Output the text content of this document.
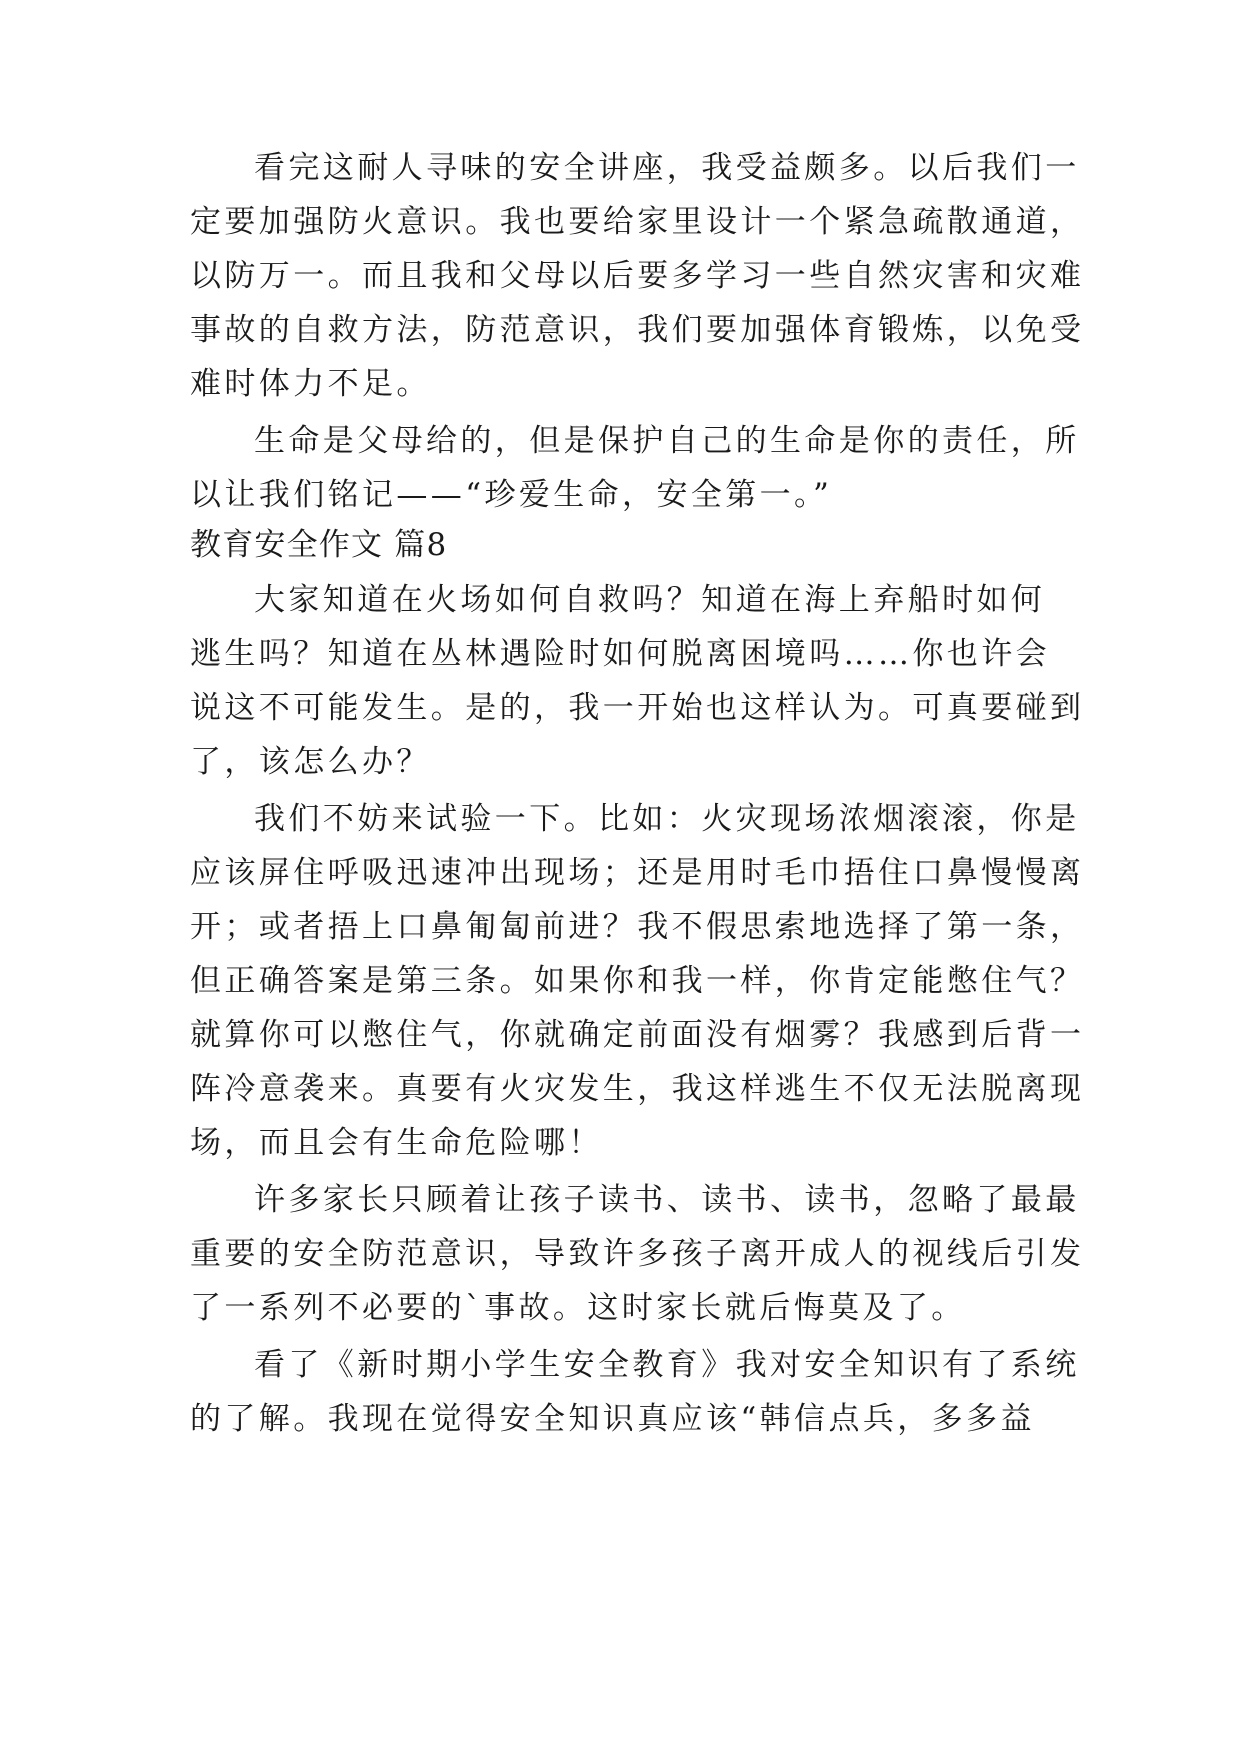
看完这耐人寻味的安全讲座，我受益颇多。以后我们一
定要加强防火意识。我也要给家里设计一个紧急疏散通道，
以防万一。而且我和父母以后要多学习一些自然灾害和灾难
事故的自救方法，防范意识，我们要加强体育锻炼，以免受
难时体力不足。
生命是父母给的，但是保护自己的生命是你的责任，所
以让我们铭记——“珍爱生命，安全第一。”
教育安全作文 篇8
大家知道在火场如何自救吗？知道在海上弃船时如何
逃生吗？知道在丛林遇险时如何脱离困境吗……你也许会
说这不可能发生。是的，我一开始也这样认为。可真要碰到
了，该怎么办？
我们不妨来试验一下。比如：火灾现场浓烟滚滚，你是
应该屏住呼吸迅速冲出现场；还是用时毛巾捂住口鼻慢慢离
开；或者捂上口鼻匍匐前进？我不假思索地选择了第一条，
但正确答案是第三条。如果你和我一样，你肯定能憋住气？
就算你可以憋住气，你就确定前面没有烟雾？我感到后背一
阵冷意袭来。真要有火灾发生，我这样逃生不仅无法脱离现
场，而且会有生命危险哪！
许多家长只顾着让孩子读书、读书、读书，忽略了最最
重要的安全防范意识，导致许多孩子离开成人的视线后引发
了一系列不必要的`事故。这时家长就后悔莫及了。
看了《新时期小学生安全教育》我对安全知识有了系统
的了解。我现在觉得安全知识真应该“韩信点兵，多多益
